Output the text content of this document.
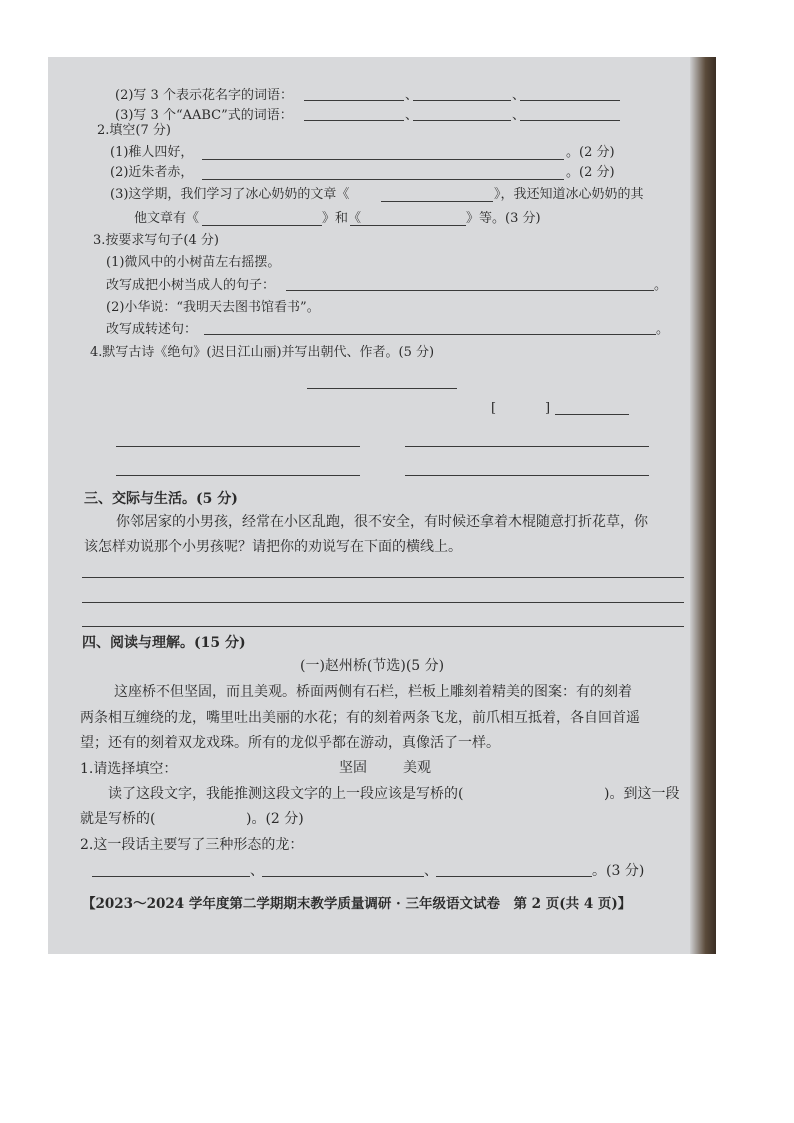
(2)写 3 个表示花名字的词语：	、	、
(3)写 3 个“AABC”式的词语：	、	、
2.填空(7 分)
(1)稚人四好，	。(2 分)
(2)近朱者赤，	。(2 分)
(3)这学期，我们学习了冰心奶奶的文章《	》，我还知道冰心奶奶的其
他文章有《	》和《	》等。(3 分)
3.按要求写句子(4 分)
(1)微风中的小树苗左右摇摆。
改写成把小树当成人的句子：	。
(2)小华说：“我明天去图书馆看书”。
改写成转述句：	。
4.默写古诗《绝句》(迟日江山丽)并写出朝代、作者。(5 分)
[	]
三、交际与生活。(5 分)
你邻居家的小男孩，经常在小区乱跑，很不安全，有时候还拿着木棍随意打折花草，你
该怎样劝说那个小男孩呢？请把你的劝说写在下面的横线上。
四、阅读与理解。(15 分)
(一)赵州桥(节选)(5 分)
这座桥不但坚固，而且美观。桥面两侧有石栏，栏板上雕刻着精美的图案：有的刻着
两条相互缠绕的龙，嘴里吐出美丽的水花；有的刻着两条飞龙，前爪相互抵着，各自回首遥
望；还有的刻着双龙戏珠。所有的龙似乎都在游动，真像活了一样。
1.请选择填空：	坚固	美观
读了这段文字，我能推测这段文字的上一段应该是写桥的(	)。到这一段
就是写桥的(	)。(2 分)
2.这一段话主要写了三种形态的龙：
、	、	。(3 分)
【2023～2024 学年度第二学期期末教学质量调研 · 三年级语文试卷　第 2 页(共 4 页)】
